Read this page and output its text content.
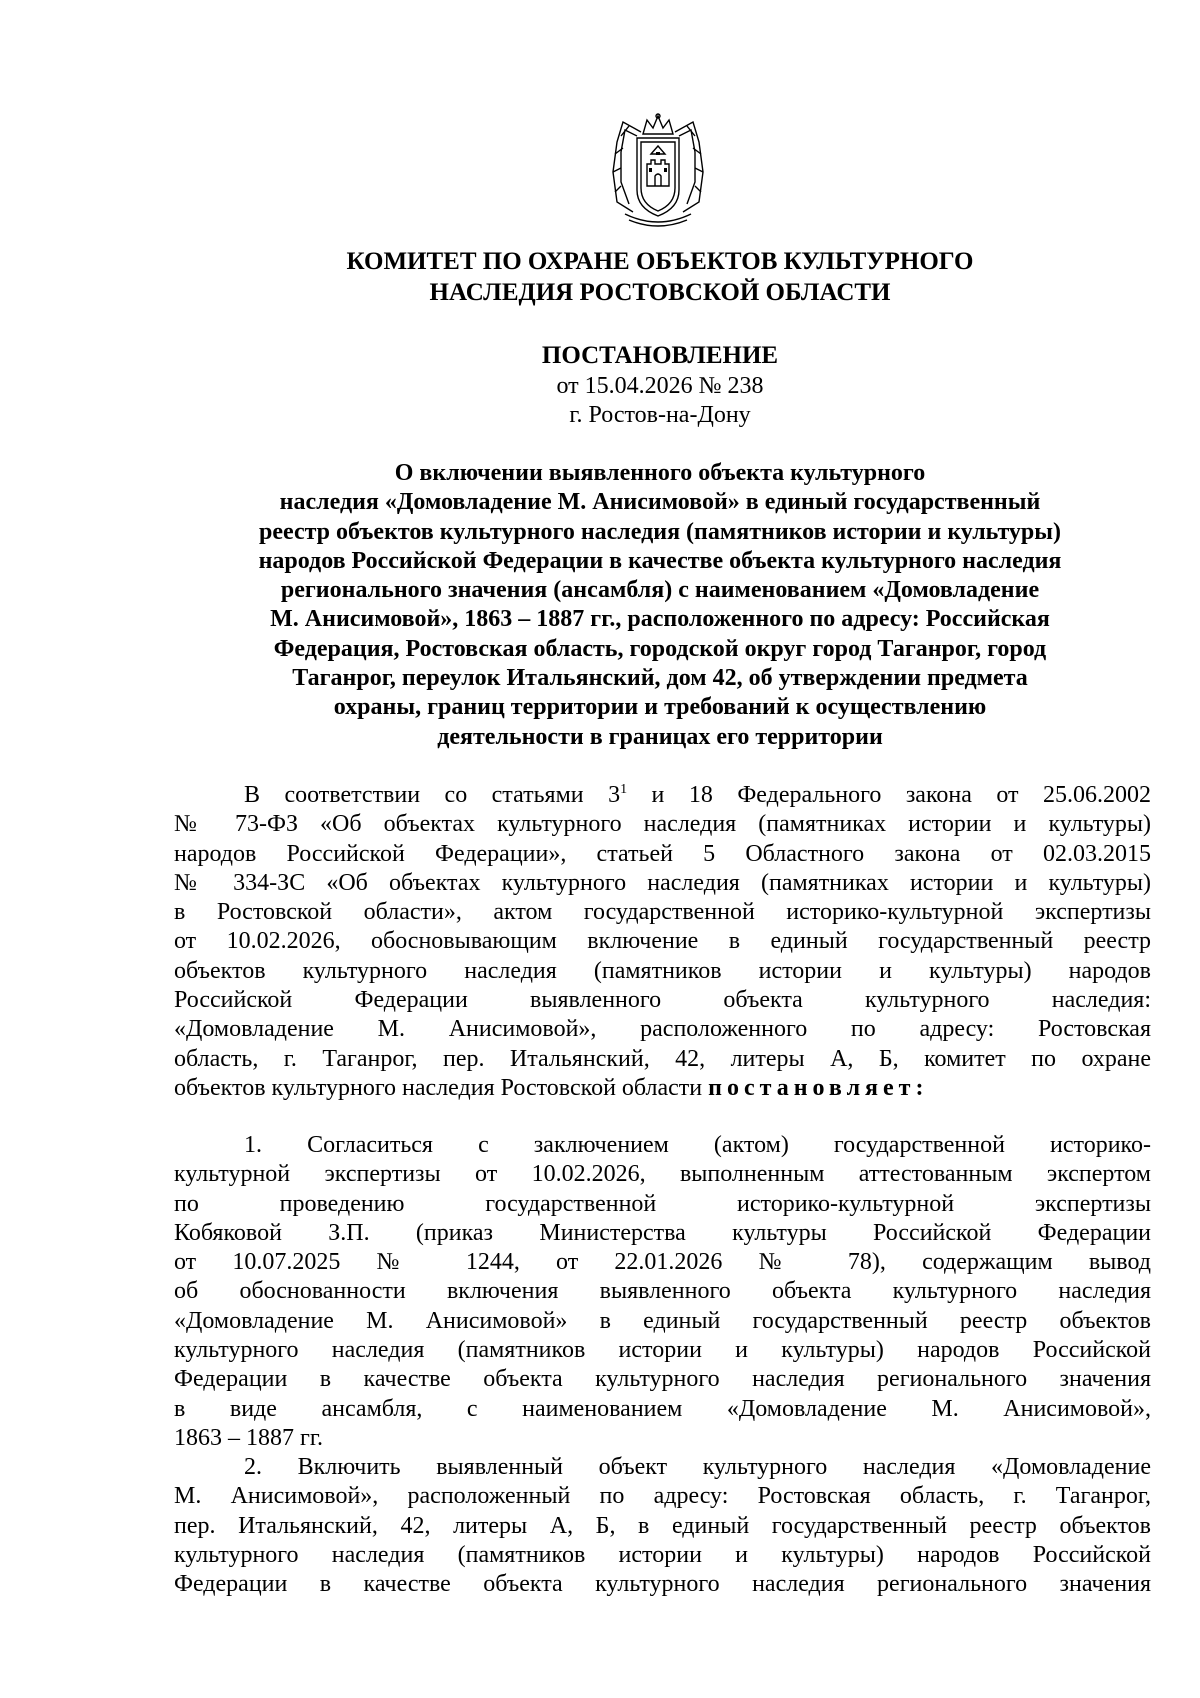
КОМИТЕТ ПО ОХРАНЕ ОБЪЕКТОВ КУЛЬТУРНОГО
НАСЛЕДИЯ РОСТОВСКОЙ ОБЛАСТИ
ПОСТАНОВЛЕНИЕ
от 15.04.2026 № 238
г. Ростов-на-Дону
О включении выявленного объекта культурного
наследия «Домовладение М. Анисимовой» в единый государственный
реестр объектов культурного наследия (памятников истории и культуры)
народов Российской Федерации в качестве объекта культурного наследия
регионального значения (ансамбля) с наименованием «Домовладение
М. Анисимовой», 1863 – 1887 гг., расположенного по адресу: Российская
Федерация, Ростовская область, городской округ город Таганрог, город
Таганрог, переулок Итальянский, дом 42, об утверждении предмета
охраны, границ территории и требований к осуществлению
деятельности в границах его территории
В соответствии со статьями $3^1$ и 18 Федерального закона от 25.06.2002
№ 73-ФЗ «Об объектах культурного наследия (памятниках истории и культуры)
народов Российской Федерации», статьей 5 Областного закона от 02.03.2015
№ 334-ЗС «Об объектах культурного наследия (памятниках истории и культуры)
в Ростовской области», актом государственной историко-культурной экспертизы
от 10.02.2026, обосновывающим включение в единый государственный реестр
объектов культурного наследия (памятников истории и культуры) народов
Российской Федерации выявленного объекта культурного наследия:
«Домовладение М. Анисимовой», расположенного по адресу: Ростовская
область, г. Таганрог, пер. Итальянский, 42, литеры А, Б, комитет по охране
объектов культурного наследия Ростовской области постановляет:
1. Согласиться с заключением (актом) государственной историко-
культурной экспертизы от 10.02.2026, выполненным аттестованным экспертом
по проведению государственной историко-культурной экспертизы
Кобяковой З.П. (приказ Министерства культуры Российской Федерации
от 10.07.2025 № 1244, от 22.01.2026 № 78), содержащим вывод
об обоснованности включения выявленного объекта культурного наследия
«Домовладение М. Анисимовой» в единый государственный реестр объектов
культурного наследия (памятников истории и культуры) народов Российской
Федерации в качестве объекта культурного наследия регионального значения
в виде ансамбля, с наименованием «Домовладение М. Анисимовой»,
1863 – 1887 гг.
2. Включить выявленный объект культурного наследия «Домовладение
М. Анисимовой», расположенный по адресу: Ростовская область, г. Таганрог,
пер. Итальянский, 42, литеры А, Б, в единый государственный реестр объектов
культурного наследия (памятников истории и культуры) народов Российской
Федерации в качестве объекта культурного наследия регионального значения
